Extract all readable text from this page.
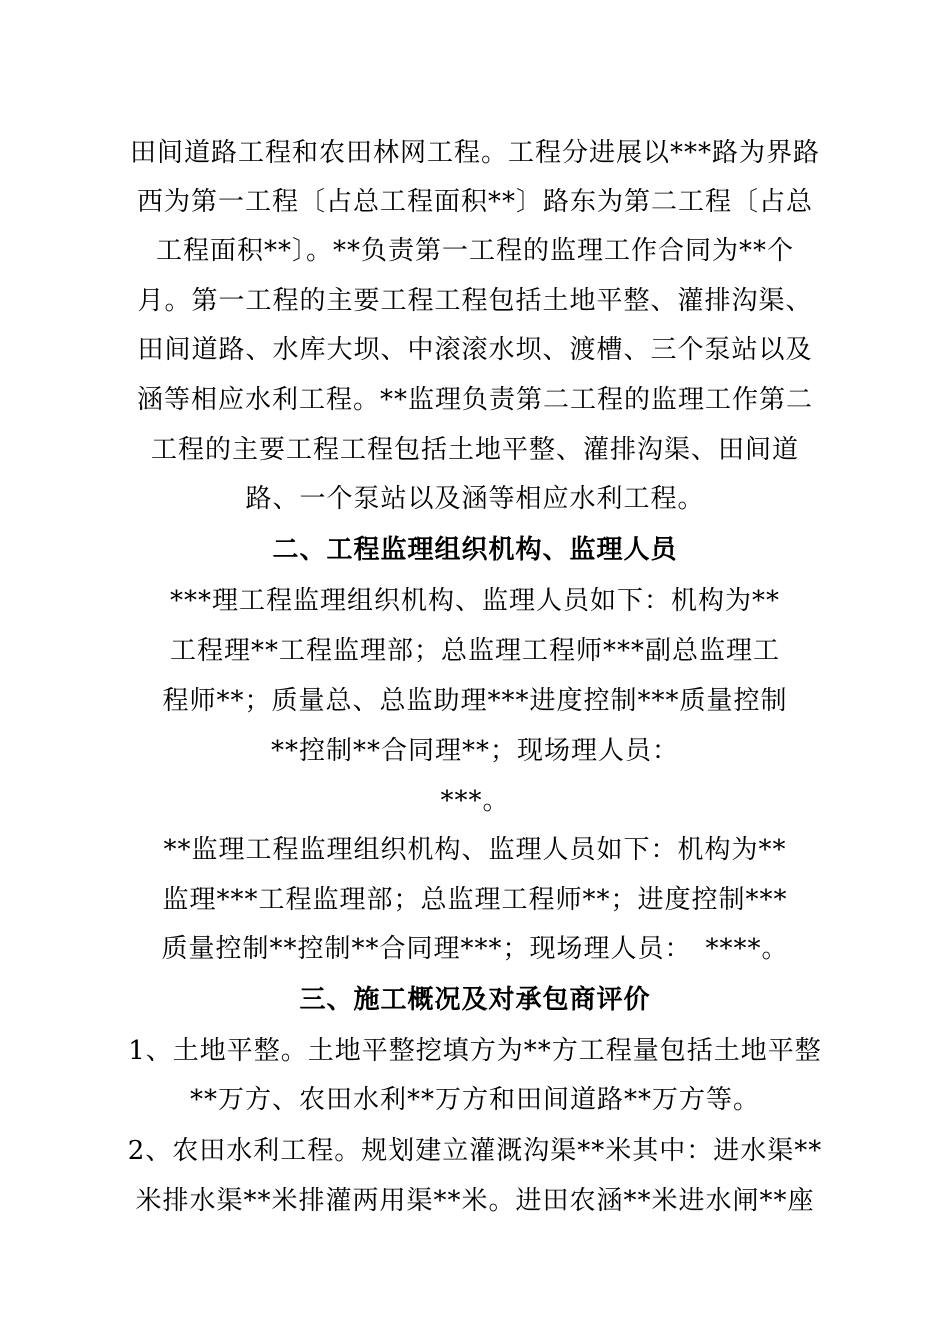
田间道路工程和农田林网工程。工程分进展以***路为界路
西为第一工程〔占总工程面积**〕路东为第二工程〔占总
工程面积**〕。**负责第一工程的监理工作合同为**个
月。第一工程的主要工程工程包括土地平整、灌排沟渠、
田间道路、水库大坝、中滚滚水坝、渡槽、三个泵站以及
涵等相应水利工程。**监理负责第二工程的监理工作第二
工程的主要工程工程包括土地平整、灌排沟渠、田间道
路、一个泵站以及涵等相应水利工程。
二、工程监理组织机构、监理人员
***理工程监理组织机构、监理人员如下：机构为**
工程理**工程监理部；总监理工程师***副总监理工
程师**；质量总、总监助理***进度控制***质量控制
**控制**合同理**；现场理人员：
***。
**监理工程监理组织机构、监理人员如下：机构为**
监理***工程监理部；总监理工程师**；进度控制***
质量控制**控制**合同理***；现场理人员：　****。
三、施工概况及对承包商评价
1、土地平整。土地平整挖填方为**方工程量包括土地平整
**万方、农田水利**万方和田间道路**万方等。
2、农田水利工程。规划建立灌溉沟渠**米其中：进水渠**
米排水渠**米排灌两用渠**米。进田农涵**米进水闸**座
